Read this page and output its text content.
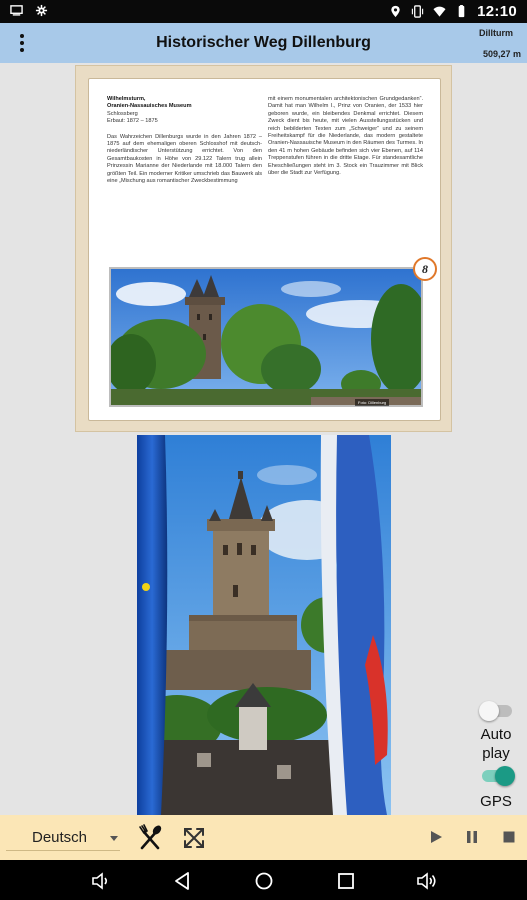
12:10
Historischer Weg Dillenburg
Dillturm
509,27 m
Wilhelmsturm,
Oranien-Nassauisches Museum
Schlossberg
Erbaut: 1872 – 1875
Das Wahrzeichen Dillenburgs wurde in den Jahren 1872 – 1875 auf dem ehemaligen oberen Schlosshof mit deutsch-niederländischer Unterstützung errichtet. Von den Gesamtbaukosten in Höhe von 29.122 Talern trug allein Prinzessin Marianne der Niederlande mit 18.000 Talern den größten Teil. Ein moderner Kritiker umschrieb das Bauwerk als eine „Mischung aus romantischer Zweckbestimmung
mit einem monumentalen architektonischen Grundgedanken“. Damit hat man Wilhelm I., Prinz von Oranien, der 1533 hier geboren wurde, ein bleibendes Denkmal errichtet. Diesem Zweck dient bis heute, mit vielen Ausstellungsstücken und reich bebilderten Texten zum „Schweiger“ und zu seinem Freiheitskampf für die Niederlande, das modern gestaltete Oranien-Nassauische Museum in den Räumen des Turmes. In den 41 m hohen Gebäude befinden sich vier Ebenen, auf 114 Treppenstufen führen in die dritte Etage. Für standesamtliche Eheschließungen steht im 3. Stock ein Trauzimmer mit Blick über die Stadt zur Verfügung.
8
Foto: Dillenburg
Auto play
GPS
Deutsch
